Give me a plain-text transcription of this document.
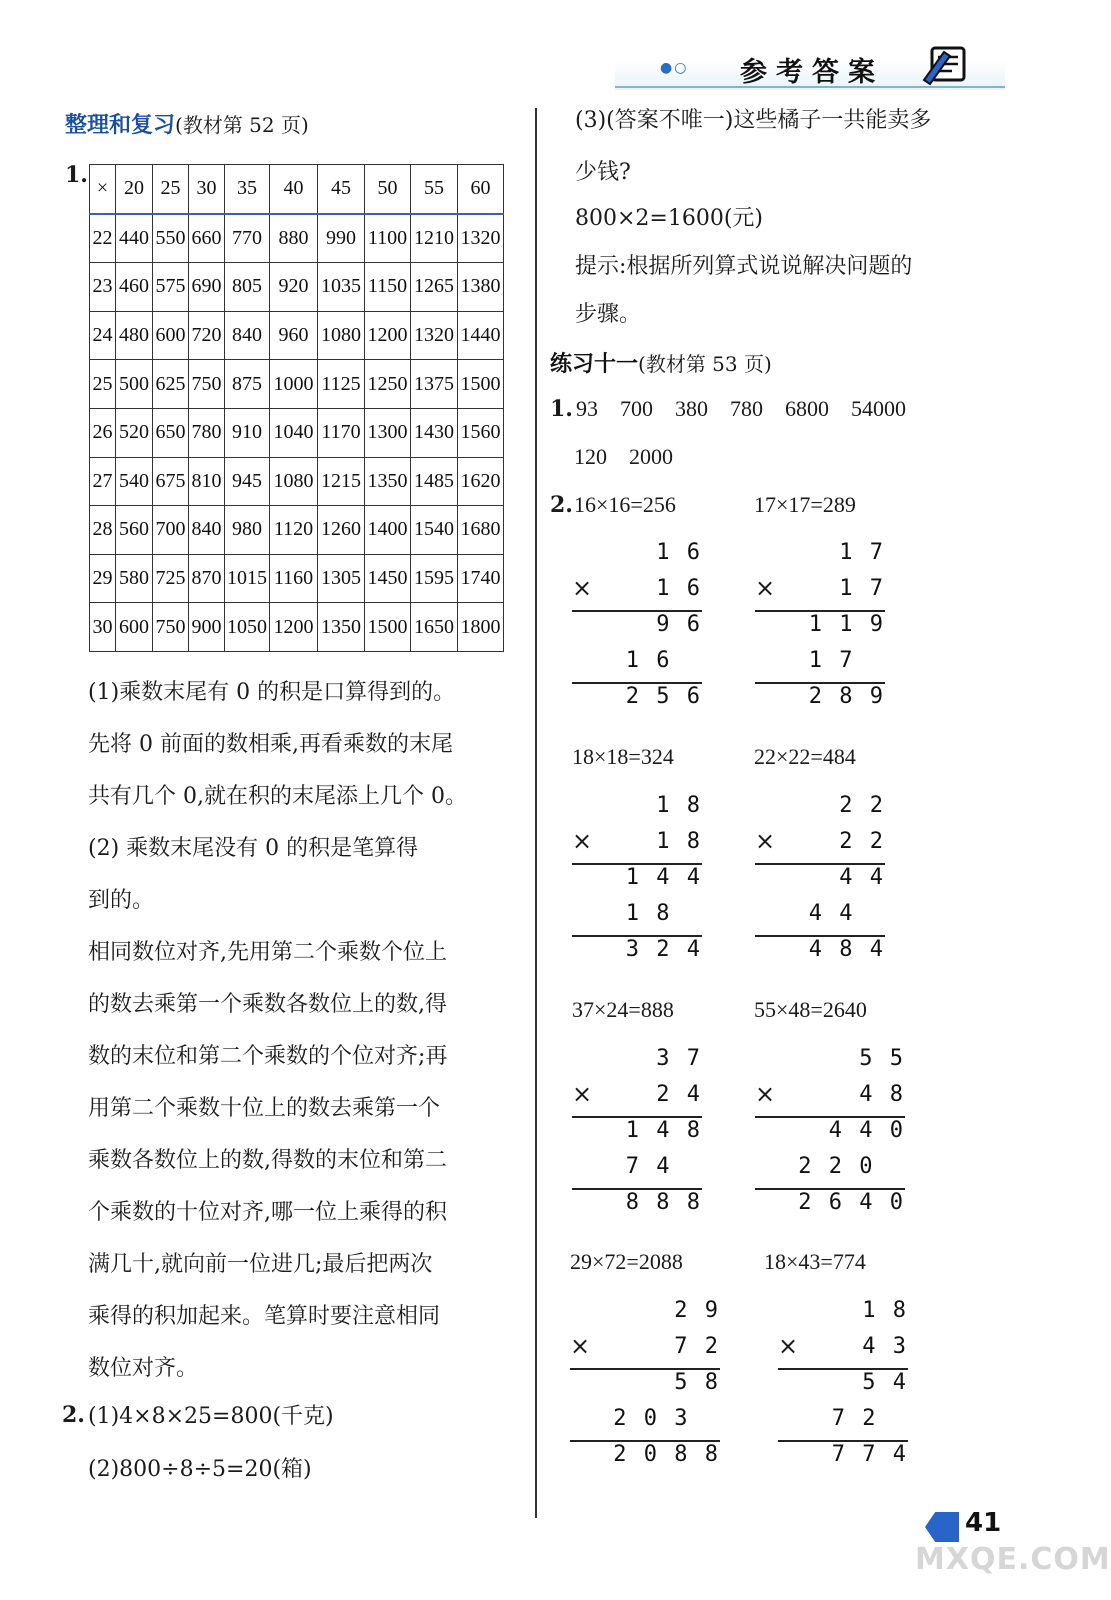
●○ 参考答案
整理和复习(教材第 52 页)
1.
×	20	25	30	35	40	45	50	55	60
22	440	550	660	770	880	990	1100	1210	1320
23	460	575	690	805	920	1035	1150	1265	1380
24	480	600	720	840	960	1080	1200	1320	1440
25	500	625	750	875	1000	1125	1250	1375	1500
26	520	650	780	910	1040	1170	1300	1430	1560
27	540	675	810	945	1080	1215	1350	1485	1620
28	560	700	840	980	1120	1260	1400	1540	1680
29	580	725	870	1015	1160	1305	1450	1595	1740
30	600	750	900	1050	1200	1350	1500	1650	1800
(1)乘数末尾有 0 的积是口算得到的。
先将 0 前面的数相乘,再看乘数的末尾
共有几个 0,就在积的末尾添上几个 0。
(2) 乘数末尾没有 0 的积是笔算得
到的。
相同数位对齐,先用第二个乘数个位上
的数去乘第一个乘数各数位上的数,得
数的末位和第二个乘数的个位对齐;再
用第二个乘数十位上的数去乘第一个
乘数各数位上的数,得数的末位和第二
个乘数的十位对齐,哪一位上乘得的积
满几十,就向前一位进几;最后把两次
乘得的积加起来。笔算时要注意相同
数位对齐。
2. (1)4×8×25=800(千克)
(2)800÷8÷5=20(箱)
(3)(答案不唯一)这些橘子一共能卖多
少钱?
800×2=1600(元)
提示:根据所列算式说说解决问题的
步骤。
练习十一(教材第 53 页)
1. 93    700    380    780    6800    54000
120    2000
2. 16×16=256	17×17=289
18×18=324	22×22=484
37×24=888	55×48=2640
29×72=2088	18×43=774
1 6
1 6
9 6
1 6
2 5 6
×
1 7
1 7
1 1 9
1 7
2 8 9
×
1 8
1 8
1 4 4
1 8
3 2 4
×
2 2
2 2
4 4
4 4
4 8 4
×
3 7
2 4
1 4 8
7 4
8 8 8
×
5 5
4 8
4 4 0
2 2 0
2 6 4 0
×
2 9
7 2
5 8
2 0 3
2 0 8 8
×
1 8
4 3
5 4
7 2
7 7 4
×
41
MXQE.COM
